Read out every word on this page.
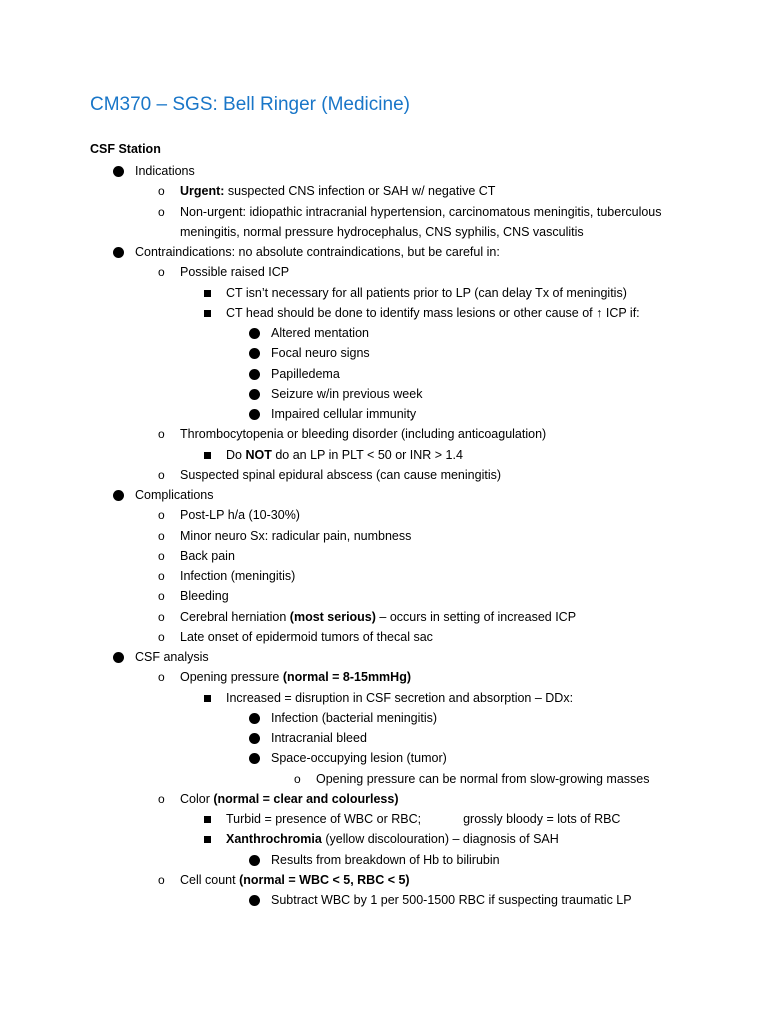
CM370 – SGS: Bell Ringer (Medicine)
CSF Station
Indications
o Urgent: suspected CNS infection or SAH w/ negative CT
o Non-urgent: idiopathic intracranial hypertension, carcinomatous meningitis, tuberculous
meningitis, normal pressure hydrocephalus, CNS syphilis, CNS vasculitis
Contraindications: no absolute contraindications, but be careful in:
o Possible raised ICP
CT isn’t necessary for all patients prior to LP (can delay Tx of meningitis)
CT head should be done to identify mass lesions or other cause of ↑ ICP if:
Altered mentation
Focal neuro signs
Papilledema
Seizure w/in previous week
Impaired cellular immunity
o Thrombocytopenia or bleeding disorder (including anticoagulation)
Do NOT do an LP in PLT < 50 or INR > 1.4
o Suspected spinal epidural abscess (can cause meningitis)
Complications
o Post-LP h/a (10-30%)
o Minor neuro Sx: radicular pain, numbness
o Back pain
o Infection (meningitis)
o Bleeding
o Cerebral herniation (most serious) – occurs in setting of increased ICP
o Late onset of epidermoid tumors of thecal sac
CSF analysis
o Opening pressure (normal = 8-15mmHg)
Increased = disruption in CSF secretion and absorption – DDx:
Infection (bacterial meningitis)
Intracranial bleed
Space-occupying lesion (tumor)
o Opening pressure can be normal from slow-growing masses
o Color (normal = clear and colourless)
Turbid = presence of WBC or RBC;	grossly bloody = lots of RBC
Xanthrochromia (yellow discolouration) – diagnosis of SAH
Results from breakdown of Hb to bilirubin
o Cell count (normal = WBC < 5, RBC < 5)
Subtract WBC by 1 per 500-1500 RBC if suspecting traumatic LP
